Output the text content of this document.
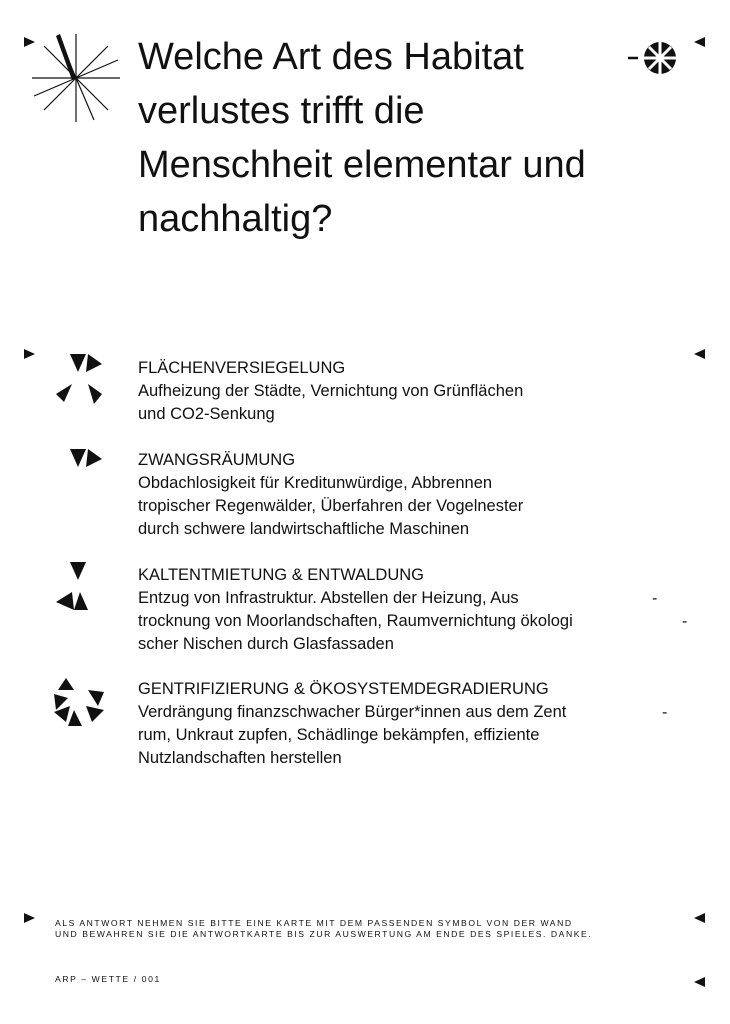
Welche Art des Habitat
verlustes trifft die
Menschheit elementar und
nachhaltig?
FLÄCHENVERSIEGELUNG
Aufheizung der Städte, Vernichtung von Grünflächen
und CO2-Senkung
ZWANGSRÄUMUNG
Obdachlosigkeit für Kreditunwürdige, Abbrennen
tropischer Regenwälder, Überfahren der Vogelnester
durch schwere landwirtschaftliche Maschinen
KALTENTMIETUNG & ENTWALDUNG
Entzug von Infrastruktur. Abstellen der Heizung, Aus
trocknung von Moorlandschaften, Raumvernichtung ökologi
scher Nischen durch Glasfassaden
-
-
GENTRIFIZIERUNG & ÖKOSYSTEMDEGRADIERUNG
Verdrängung finanzschwacher Bürger*innen aus dem Zent
rum, Unkraut zupfen, Schädlinge bekämpfen, effiziente
Nutzlandschaften herstellen
-
ALS ANTWORT NEHMEN SIE BITTE EINE KARTE MIT DEM PASSENDEN SYMBOL VON DER WAND
UND BEWAHREN SIE DIE ANTWORTKARTE BIS ZUR AUSWERTUNG AM ENDE DES SPIELES. DANKE.
ARP – WETTE / 001
